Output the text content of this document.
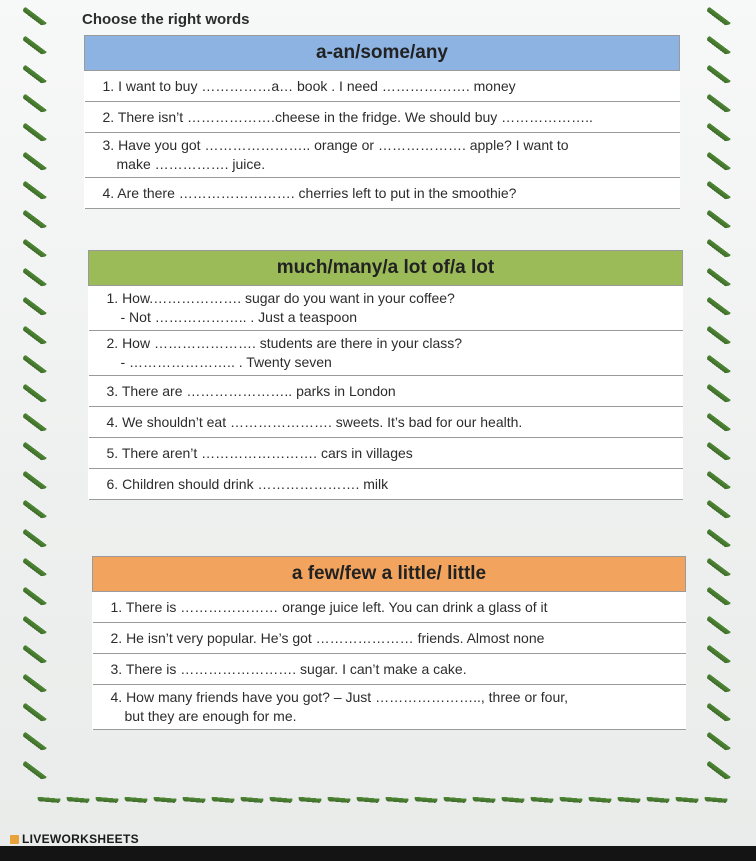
Choose the right words
a-an/some/any
1. I want to buy ……………a… book . I need ………………. money
2. There isn’t ……………….cheese in the fridge. We should buy ………………..
3. Have you got ………………….. orange or ………………. apple? I want to
make ……………. juice.

4. Are there ……………………. cherries left to put in the smoothie?
much/many/a lot of/a lot
1. How.………………. sugar do you want in your coffee?
- Not ……………….. . Just a teaspoon

2. How …………………. students are there in your class?
- ………………….. . Twenty seven

3. There are ………………….. parks in London
4. We shouldn’t eat …………………. sweets. It’s bad for our health.
5. There aren’t ……………………. cars in villages
6. Children should drink …………………. milk
a few/few a little/ little
1. There is ………………… orange juice left. You can drink a glass of it
2. He isn’t very popular. He’s got ………………… friends. Almost none
3. There is ……………………. sugar. I can’t make a cake.
4. How many friends have you got? – Just ………………….., three or four,
but they are enough for me.
LIVEWORKSHEETS
